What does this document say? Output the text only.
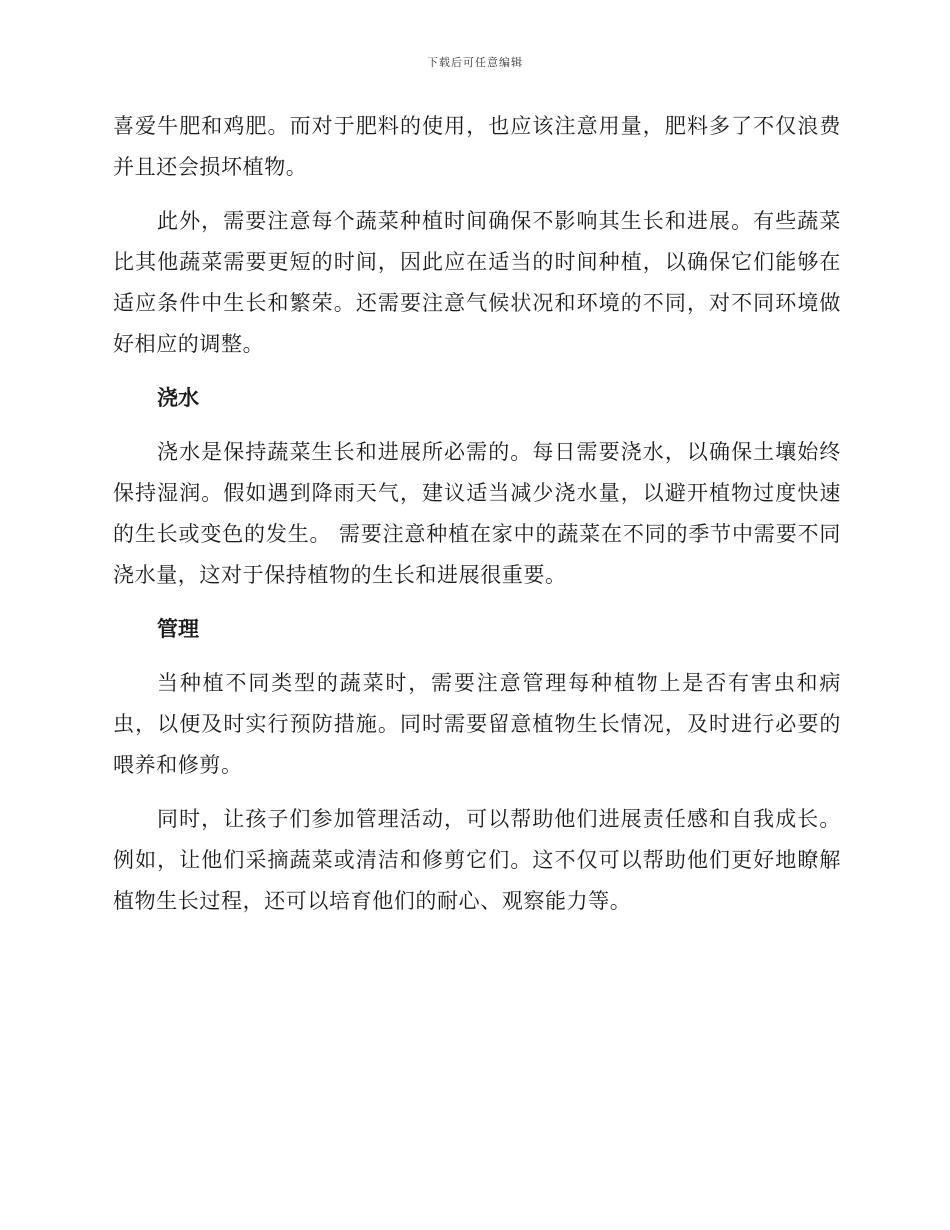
下载后可任意编辑

喜爱牛肥和鸡肥。而对于肥料的使用，也应该注意用量，肥料多了不仅浪费并且还会损坏植物。

此外，需要注意每个蔬菜种植时间确保不影响其生长和进展。有些蔬菜比其他蔬菜需要更短的时间，因此应在适当的时间种植，以确保它们能够在适应条件中生长和繁荣。还需要注意气候状况和环境的不同，对不同环境做好相应的调整。

浇水

浇水是保持蔬菜生长和进展所必需的。每日需要浇水，以确保土壤始终保持湿润。假如遇到降雨天气，建议适当减少浇水量，以避开植物过度快速的生长或变色的发生。 需要注意种植在家中的蔬菜在不同的季节中需要不同浇水量，这对于保持植物的生长和进展很重要。

管理

当种植不同类型的蔬菜时，需要注意管理每种植物上是否有害虫和病虫，以便及时实行预防措施。同时需要留意植物生长情况，及时进行必要的喂养和修剪。

同时，让孩子们参加管理活动，可以帮助他们进展责任感和自我成长。例如，让他们采摘蔬菜或清洁和修剪它们。这不仅可以帮助他们更好地瞭解植物生长过程，还可以培育他们的耐心、观察能力等。
